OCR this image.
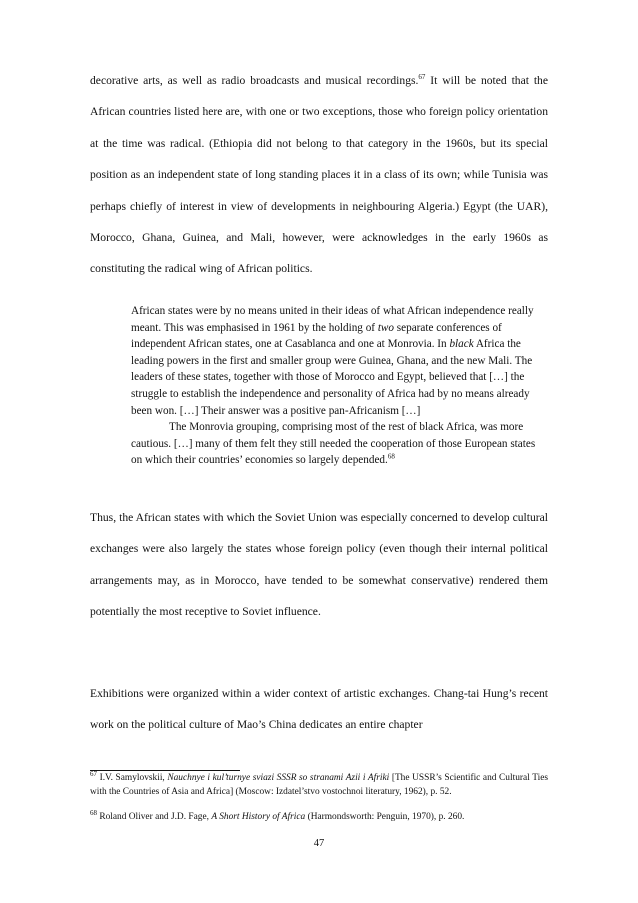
decorative arts, as well as radio broadcasts and musical recordings.$^{67}$ It will be noted that the African countries listed here are, with one or two exceptions, those who foreign policy orientation at the time was radical. (Ethiopia did not belong to that category in the 1960s, but its special position as an independent state of long standing places it in a class of its own; while Tunisia was perhaps chiefly of interest in view of developments in neighbouring Algeria.) Egypt (the UAR), Morocco, Ghana, Guinea, and Mali, however, were acknowledges in the early 1960s as constituting the radical wing of African politics.

African states were by no means united in their ideas of what African independence really meant. This was emphasised in 1961 by the holding of two separate conferences of independent African states, one at Casablanca and one at Monrovia. In black Africa the leading powers in the first and smaller group were Guinea, Ghana, and the new Mali. The leaders of these states, together with those of Morocco and Egypt, believed that […] the struggle to establish the independence and personality of Africa had by no means already been won. […] Their answer was a positive pan-Africanism […]
The Monrovia grouping, comprising most of the rest of black Africa, was more cautious. […] many of them felt they still needed the cooperation of those European states on which their countries’ economies so largely depended.$^{68}$

Thus, the African states with which the Soviet Union was especially concerned to develop cultural exchanges were also largely the states whose foreign policy (even though their internal political arrangements may, as in Morocco, have tended to be somewhat conservative) rendered them potentially the most receptive to Soviet influence.

Exhibitions were organized within a wider context of artistic exchanges. Chang-tai Hung’s recent work on the political culture of Mao’s China dedicates an entire chapter

$^{67}$ I.V. Samylovskii, Nauchnye i kul’turnye sviazi SSSR so stranami Azii i Afriki [The USSR’s Scientific and Cultural Ties with the Countries of Asia and Africa] (Moscow: Izdatel’stvo vostochnoi literatury, 1962), p. 52.

$^{68}$ Roland Oliver and J.D. Fage, A Short History of Africa (Harmondsworth: Penguin, 1970), p. 260.

47
